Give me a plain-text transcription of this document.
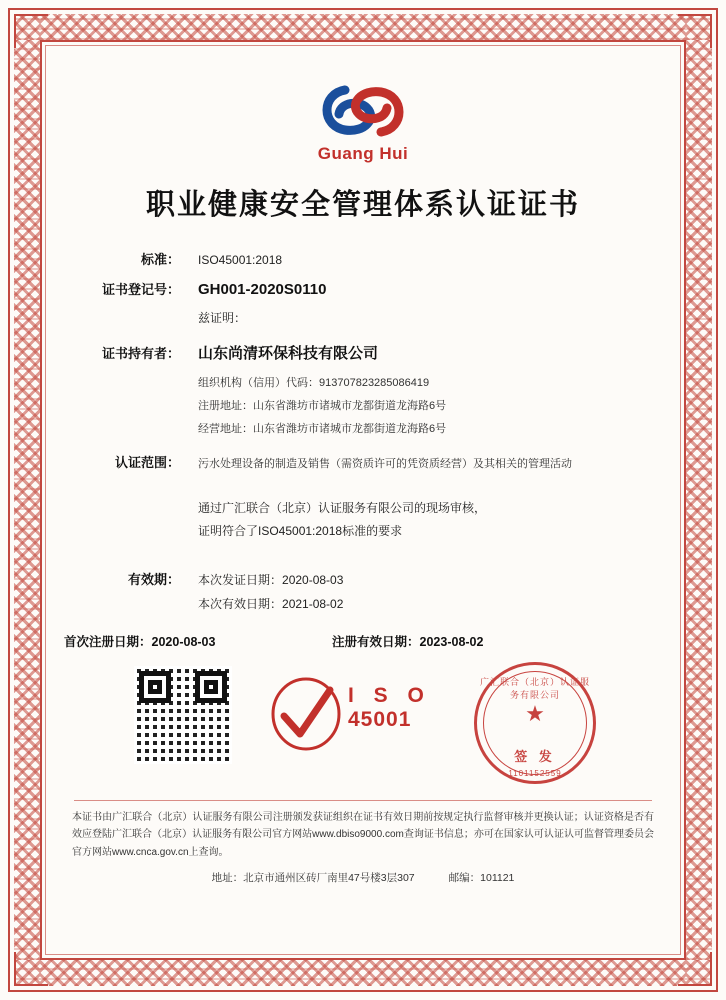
Guang Hui
职业健康安全管理体系认证证书
标准：	ISO45001:2018
证书登记号：	GH001-2020S0110
兹证明：
证书持有者：	山东尚清环保科技有限公司
组织机构（信用）代码：913707823285086419
注册地址：山东省潍坊市诸城市龙都街道龙海路6号
经营地址：山东省潍坊市诸城市龙都街道龙海路6号
认证范围：	污水处理设备的制造及销售（需资质许可的凭资质经营）及其相关的管理活动
通过广汇联合（北京）认证服务有限公司的现场审核，
证明符合了ISO45001:2018标准的要求
有效期：	本次发证日期：2020-08-03
本次有效日期：2021-08-02
首次注册日期：2020-08-03	注册有效日期：2023-08-02
I S O
45001
广汇联合（北京）认证服务有限公司
★
签 发
1101152559
本证书由广汇联合（北京）认证服务有限公司注册颁发获证组织在证书有效日期前按规定执行监督审核并更换认证；认证资格是否有效应登陆广汇联合（北京）认证服务有限公司官方网站www.dbiso9000.com查询证书信息；亦可在国家认可认证认可监督管理委员会官方网站www.cnca.gov.cn上查询。
地址：北京市通州区砖厂南里47号楼3层307	邮编：101121
